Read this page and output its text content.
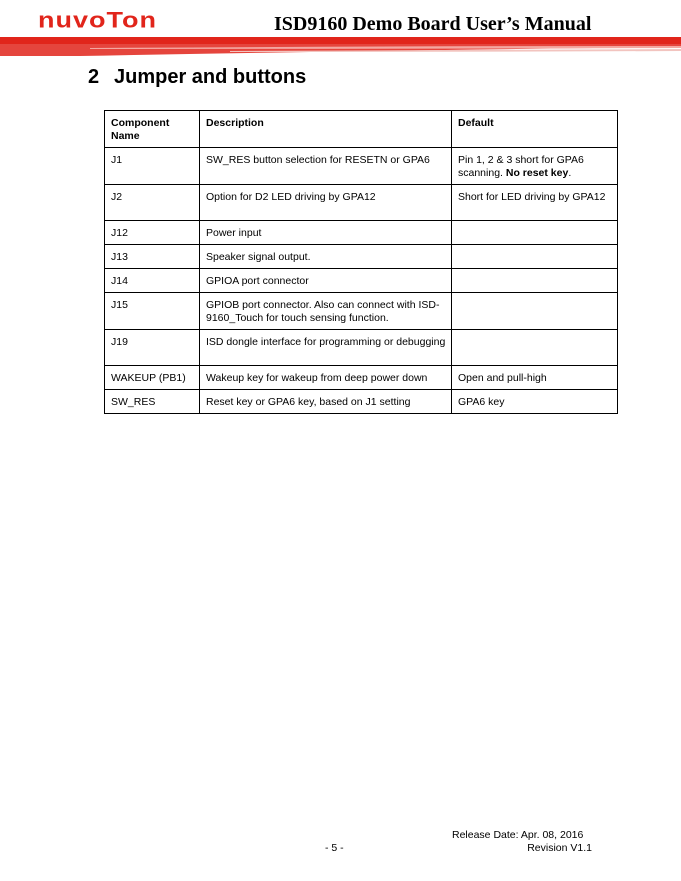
nuvoTon	ISD9160 Demo Board User’s Manual
2 Jumper and buttons
Component Name	Description	Default
J1	SW_RES button selection for RESETN or GPA6	Pin 1, 2 & 3 short for GPA6 scanning. No reset key.
J2	Option for D2 LED driving by GPA12	Short for LED driving by GPA12
J12	Power input	
J13	Speaker signal output.	
J14	GPIOA port connector	
J15	GPIOB port connector. Also can connect with ISD-9160_Touch for touch sensing function.	
J19	ISD dongle interface for programming or debugging	
WAKEUP (PB1)	Wakeup key for wakeup from deep power down	Open and pull-high
SW_RES	Reset key or GPA6 key, based on J1 setting	GPA6 key
Release Date: Apr. 08, 2016
- 5 -	Revision V1.1
